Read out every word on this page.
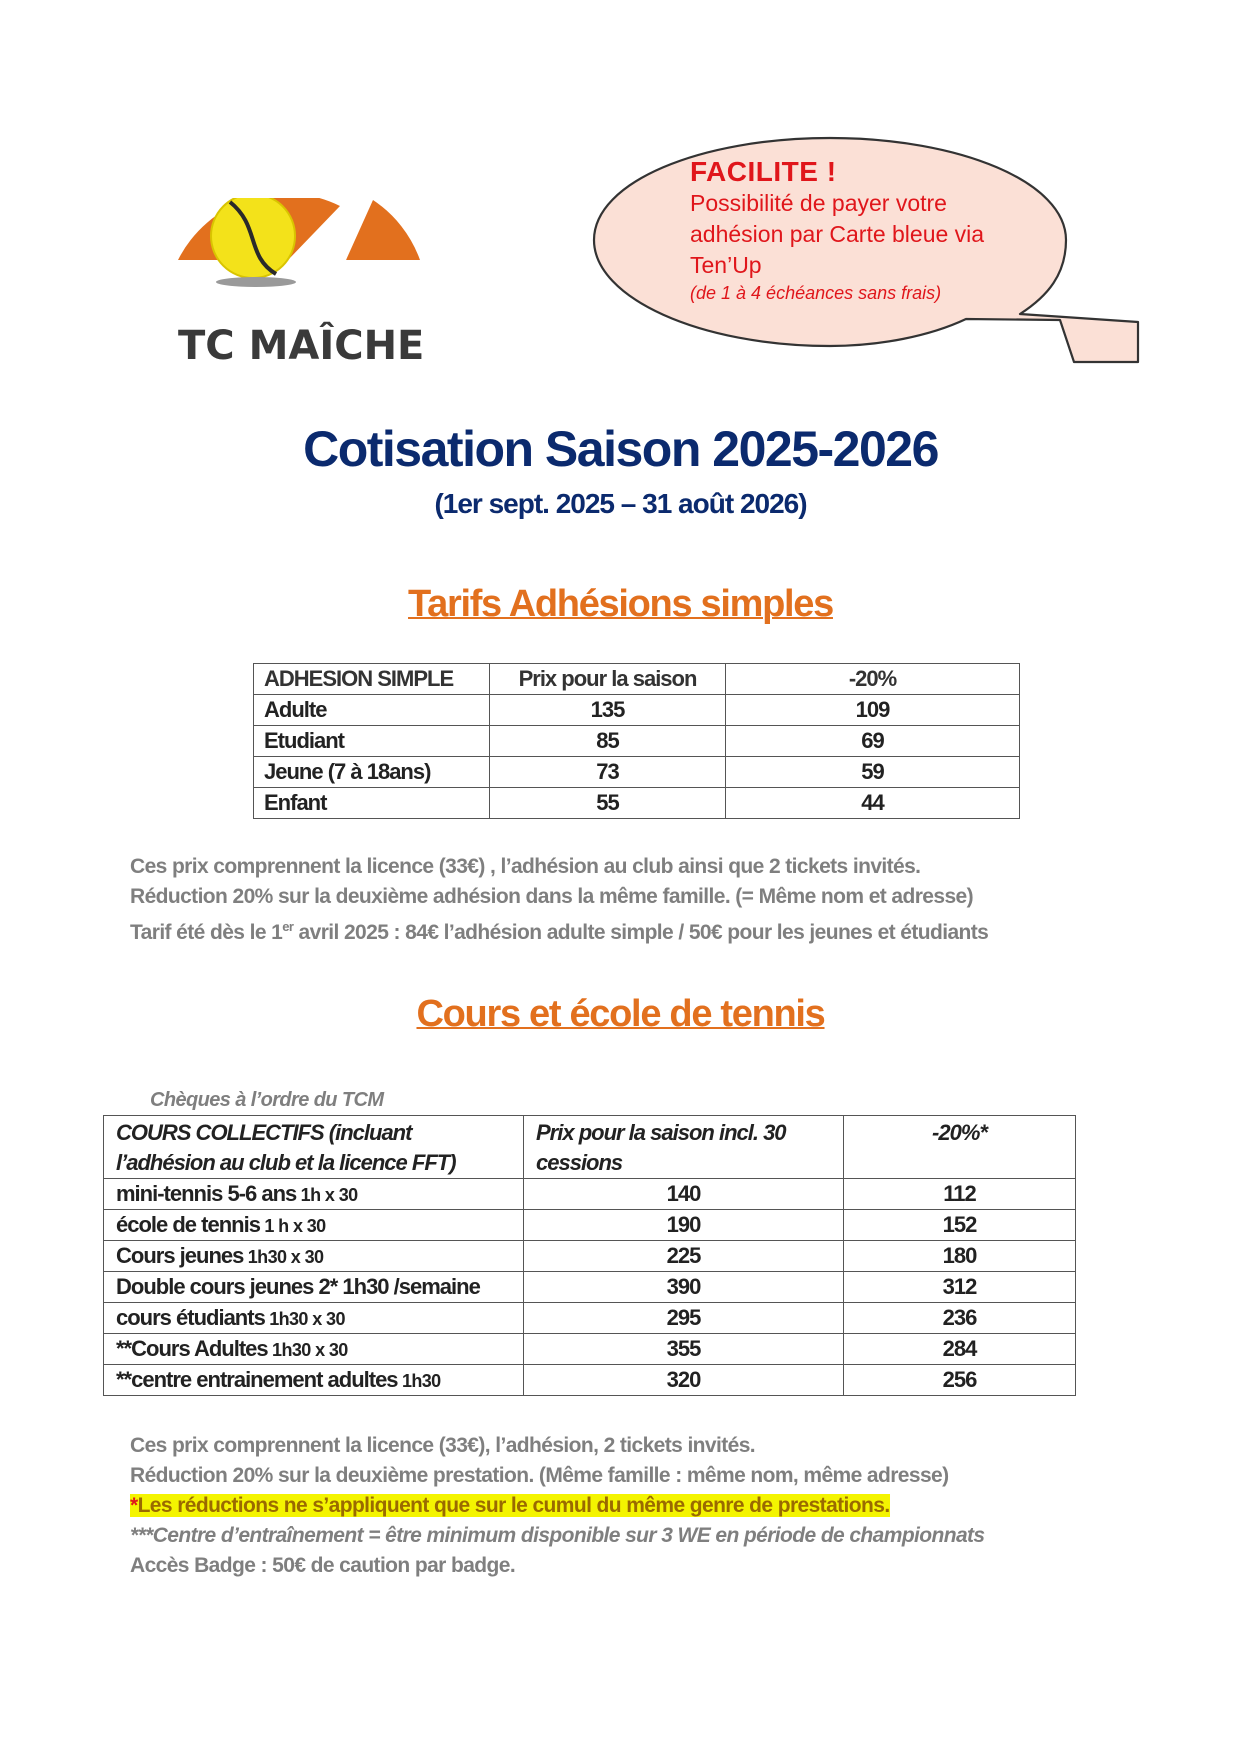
TC MAÎCHE
FACILITE !
Possibilité de payer votre
adhésion par Carte bleue via
Ten’Up
(de 1 à 4 échéances sans frais)
Cotisation Saison 2025-2026
(1er sept. 2025 – 31 août 2026)
Tarifs Adhésions simples
ADHESION SIMPLE	Prix pour la saison	-20%
Adulte	135	109
Etudiant	85	69
Jeune (7 à 18ans)	73	59
Enfant	55	44
Ces prix comprennent la licence (33€) , l’adhésion au club ainsi que 2 tickets invités.
Réduction 20% sur la deuxième adhésion dans la même famille. (= Même nom et adresse)
Tarif été dès le 1er avril 2025 : 84€ l’adhésion adulte simple / 50€ pour les jeunes et étudiants
Cours et école de tennis
Chèques à l’ordre du TCM
COURS COLLECTIFS (incluant l’adhésion au club et la licence FFT)	Prix pour la saison incl. 30 cessions	-20%*
mini-tennis 5-6 ans 1h x 30	140	112
école de tennis 1 h x 30	190	152
Cours jeunes 1h30 x 30	225	180
Double cours jeunes 2* 1h30 /semaine	390	312
cours étudiants 1h30 x 30	295	236
**Cours Adultes 1h30 x 30	355	284
**centre entrainement adultes 1h30	320	256
Ces prix comprennent la licence (33€), l’adhésion, 2 tickets invités.
Réduction 20% sur la deuxième prestation. (Même famille : même nom, même adresse)
*Les réductions ne s’appliquent que sur le cumul du même genre de prestations.
***Centre d’entraînement = être minimum disponible sur 3 WE en période de championnats
Accès Badge : 50€ de caution par badge.
